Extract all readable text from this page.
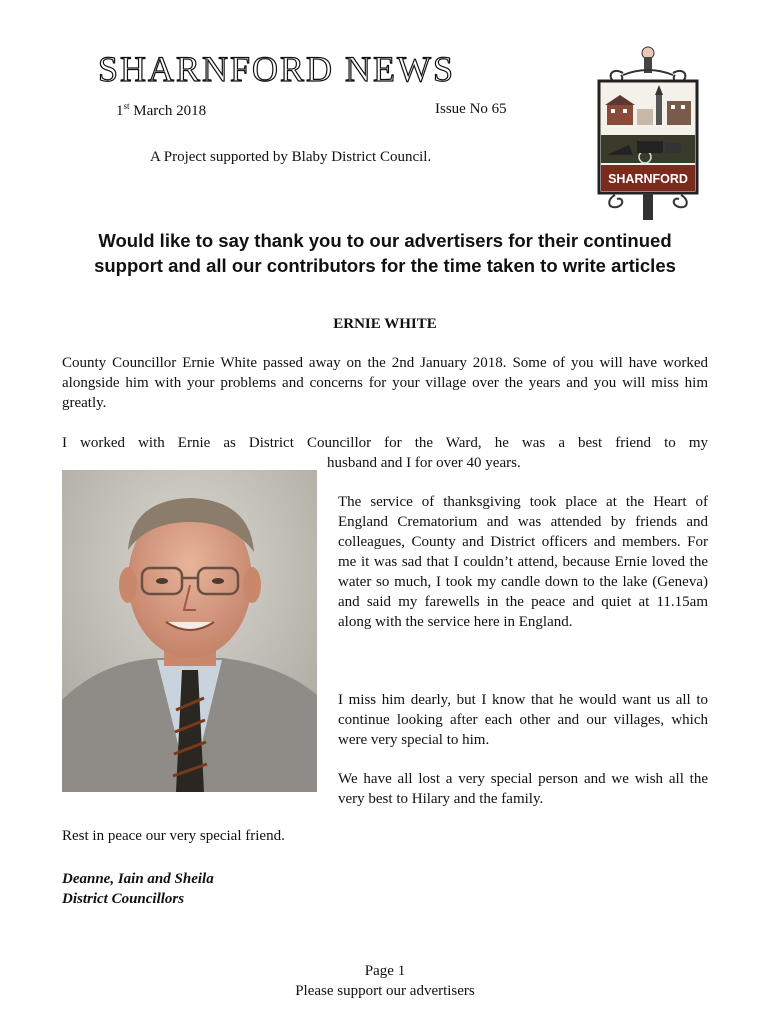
SHARNFORD NEWS
1st March 2018	Issue No 65
A Project supported by Blaby District Council.
SHARNFORD
Would like to say thank you to our advertisers for their continued
support and all our contributors for the time taken to write articles
ERNIE WHITE
County Councillor Ernie White passed away on the 2nd January 2018. Some of you will have worked alongside him with your problems and concerns for your village over the years and you will miss him greatly.
I worked with Ernie as District Councillor for the Ward, he was a best friend to my
husband and I for over 40 years.
The service of thanksgiving took place at the Heart of England Crematorium and was attended by friends and colleagues, County and District officers and members. For me it was sad that I couldn’t attend, because Ernie loved the water so much, I took my candle down to the lake (Geneva) and said my farewells in the peace and quiet at 11.15am along with the service here in England.
I miss him dearly, but I know that he would want us all to continue looking after each other and our villages, which were very special to him.
We have all lost a very special person and we wish all the very best to Hilary and the family.
Rest in peace our very special friend.
Deanne, Iain and Sheila
District Councillors
Page 1
Please support our advertisers
